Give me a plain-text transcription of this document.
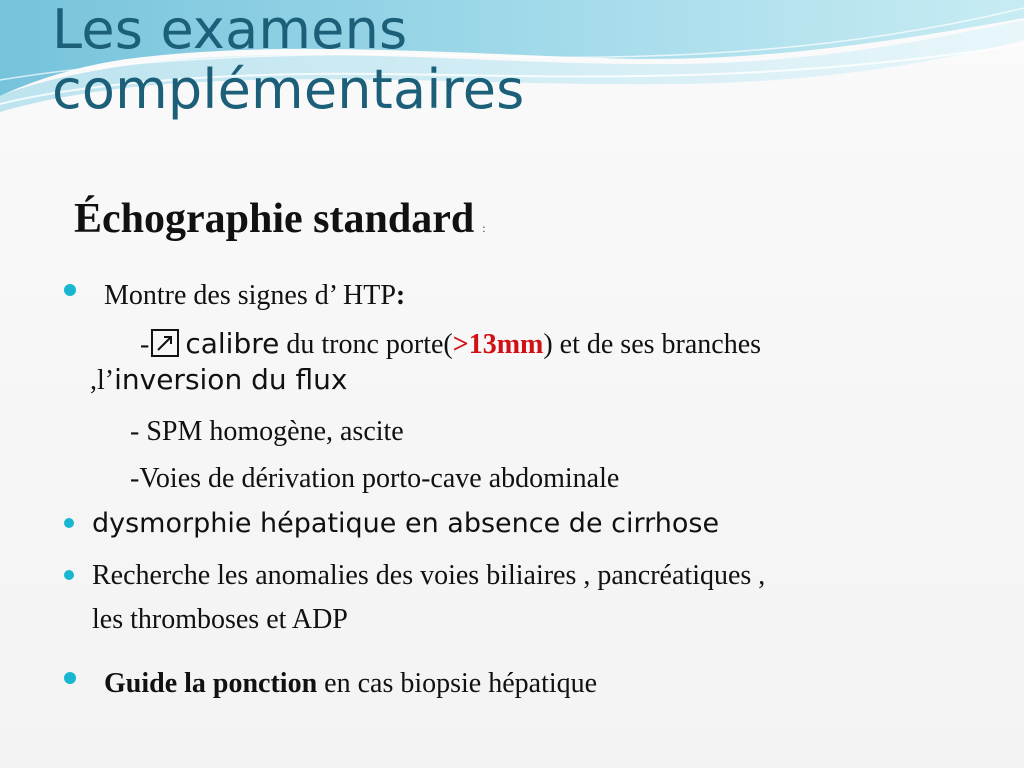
Les examens
complémentaires
Échographie standard :
Montre des signes d’ HTP:
- calibre du tronc porte(>13mm) et de ses branches
,l’inversion du flux
- SPM homogène, ascite
-Voies de dérivation porto-cave abdominale
dysmorphie hépatique en absence de cirrhose
Recherche les anomalies des voies biliaires , pancréatiques ,
les thromboses et ADP
Guide la ponction en cas biopsie hépatique
